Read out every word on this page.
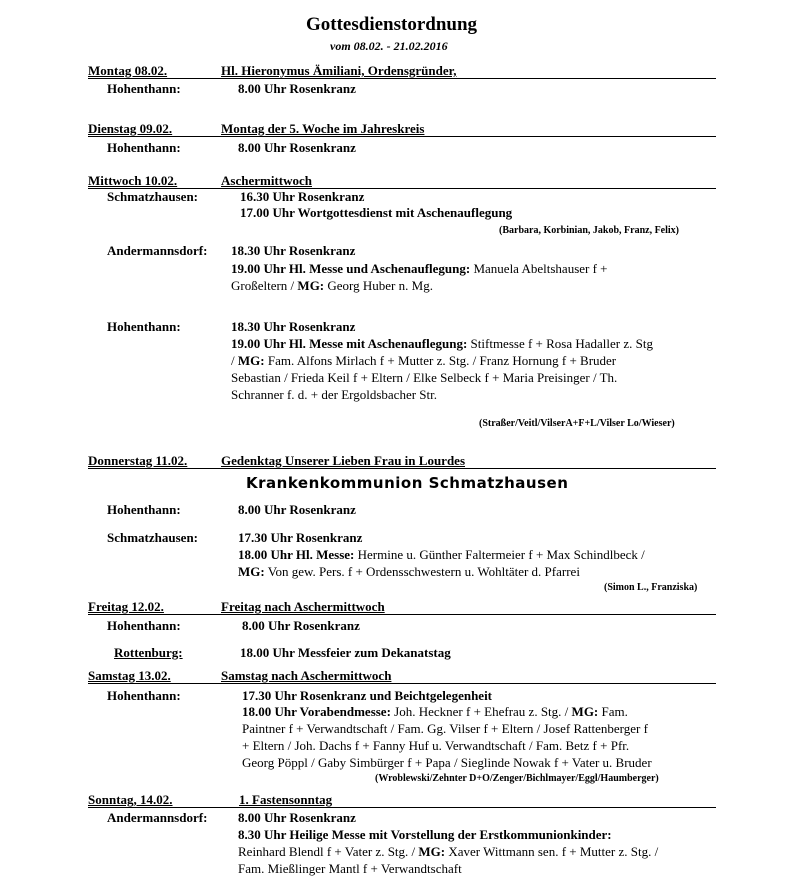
Gottesdienstordnung
vom 08.02. - 21.02.2016
Montag 08.02.	Hl. Hieronymus Ämiliani, Ordensgründer,
Hohenthann:	8.00 Uhr Rosenkranz
Dienstag 09.02.	Montag der 5. Woche im Jahreskreis
Hohenthann:	8.00 Uhr Rosenkranz
Mittwoch 10.02.	Aschermittwoch
Schmatzhausen:	16.30 Uhr Rosenkranz
17.00 Uhr Wortgottesdienst mit Aschenauflegung
(Barbara, Korbinian, Jakob, Franz, Felix)
Andermannsdorf: 18.30 Uhr Rosenkranz
19.00 Uhr Hl. Messe und Aschenauflegung: Manuela Abeltshauser f +
Großeltern / MG: Georg Huber n. Mg.
Hohenthann:	18.30 Uhr Rosenkranz
19.00 Uhr Hl. Messe mit Aschenauflegung: Stiftmesse f + Rosa Hadaller z. Stg
/ MG: Fam. Alfons Mirlach f + Mutter z. Stg. / Franz Hornung f + Bruder
Sebastian / Frieda Keil f + Eltern / Elke Selbeck f + Maria Preisinger / Th.
Schranner f. d. + der Ergoldsbacher Str.
(Straßer/Veitl/VilserA+F+L/Vilser Lo/Wieser)
Donnerstag 11.02.	Gedenktag Unserer Lieben Frau in Lourdes
Krankenkommunion Schmatzhausen
Hohenthann:	8.00 Uhr Rosenkranz
Schmatzhausen:	17.30 Uhr Rosenkranz
18.00 Uhr Hl. Messe: Hermine u. Günther Faltermeier f + Max Schindlbeck /
MG: Von gew. Pers. f + Ordensschwestern u. Wohltäter d. Pfarrei
(Simon L., Franziska)
Freitag 12.02.	Freitag nach Aschermittwoch
Hohenthann:	8.00 Uhr Rosenkranz
Rottenburg:	18.00 Uhr Messfeier zum Dekanatstag
Samstag 13.02.	Samstag nach Aschermittwoch
Hohenthann:	17.30 Uhr Rosenkranz und Beichtgelegenheit
18.00 Uhr Vorabendmesse: Joh. Heckner f + Ehefrau z. Stg. / MG: Fam.
Paintner f + Verwandtschaft / Fam. Gg. Vilser f + Eltern / Josef Rattenberger f
+ Eltern / Joh. Dachs f + Fanny Huf u. Verwandtschaft / Fam. Betz f + Pfr.
Georg Pöppl / Gaby Simbürger f + Papa / Sieglinde Nowak f + Vater u. Bruder
(Wroblewski/Zehnter D+O/Zenger/Bichlmayer/Eggl/Haumberger)
Sonntag, 14.02.	1. Fastensonntag
Andermannsdorf: 8.00 Uhr Rosenkranz
8.30 Uhr Heilige Messe mit Vorstellung der Erstkommunionkinder:
Reinhard Blendl f + Vater z. Stg. / MG: Xaver Wittmann sen. f + Mutter z. Stg. /
Fam. Mießlinger Mantl f + Verwandtschaft
